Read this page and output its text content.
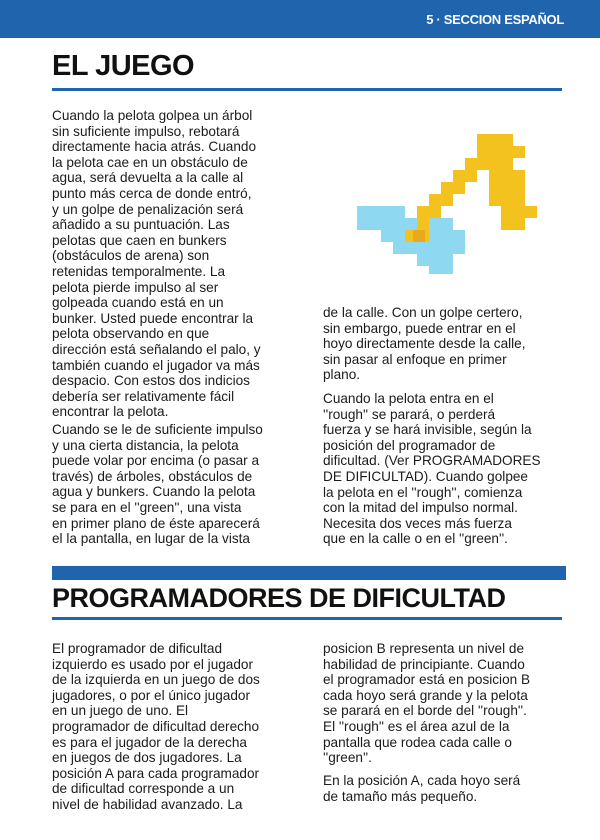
5 · SECCION ESPAÑOL
EL JUEGO

Cuando la pelota golpea un árbol
sin suficiente impulso, rebotará
directamente hacia atrás. Cuando
la pelota cae en un obstáculo de
agua, será devuelta a la calle al
punto más cerca de donde entró,
y un golpe de penalización será
añadido a su puntuación. Las
pelotas que caen en bunkers
(obstáculos de arena) son
retenidas temporalmente. La
pelota pierde impulso al ser
golpeada cuando está en un
bunker. Usted puede encontrar la
pelota observando en que
dirección está señalando el palo, y
también cuando el jugador va más
despacio. Con estos dos indicios
debería ser relativamente fácil
encontrar la pelota.

Cuando se le de suficiente impulso
y una cierta distancia, la pelota
puede volar por encima (o pasar a
través) de árboles, obstáculos de
agua y bunkers. Cuando la pelota
se para en el ''green'', una vista
en primer plano de éste aparecerá
el la pantalla, en lugar de la vista

de la calle. Con un golpe certero,
sin embargo, puede entrar en el
hoyo directamente desde la calle,
sin pasar al enfoque en primer
plano.

Cuando la pelota entra en el
''rough'' se parará, o perderá
fuerza y se hará invisible, según la
posición del programador de
dificultad. (Ver PROGRAMADORES
DE DIFICULTAD). Cuando golpee
la pelota en el ''rough'', comienza
con la mitad del impulso normal.
Necesita dos veces más fuerza
que en la calle o en el ''green''.

PROGRAMADORES DE DIFICULTAD

El programador de dificultad
izquierdo es usado por el jugador
de la izquierda en un juego de dos
jugadores, o por el único jugador
en un juego de uno. El
programador de dificultad derecho
es para el jugador de la derecha
en juegos de dos jugadores. La
posición A para cada programador
de dificultad corresponde a un
nivel de habilidad avanzado. La

posicion B representa un nivel de
habilidad de principiante. Cuando
el programador está en posicion B
cada hoyo será grande y la pelota
se parará en el borde del ''rough''.
El ''rough'' es el área azul de la
pantalla que rodea cada calle o
''green''.

En la posición A, cada hoyo será
de tamaño más pequeño.
